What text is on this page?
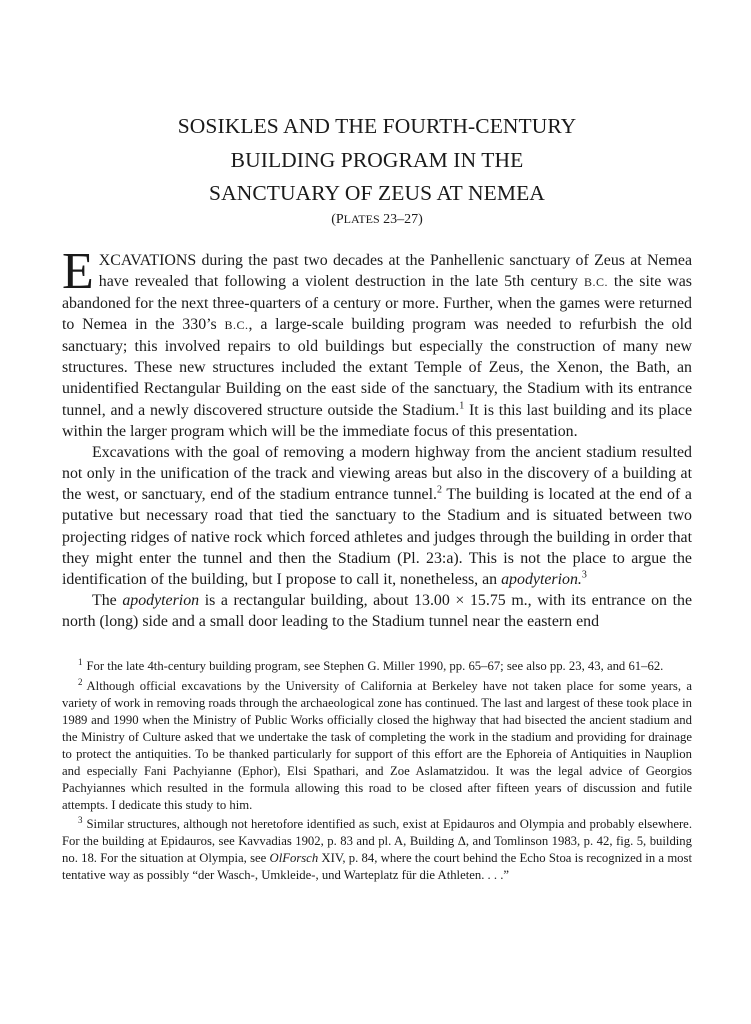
SOSIKLES AND THE FOURTH-CENTURY
BUILDING PROGRAM IN THE
SANCTUARY OF ZEUS AT NEMEA
(PLATES 23–27)

EXCAVATIONS during the past two decades at the Panhellenic sanctuary of Zeus at Nemea have revealed that following a violent destruction in the late 5th century B.C. the site was abandoned for the next three-quarters of a century or more. Further, when the games were returned to Nemea in the 330’s B.C., a large-scale building program was needed to refurbish the old sanctuary; this involved repairs to old buildings but especially the construction of many new structures. These new structures included the extant Temple of Zeus, the Xenon, the Bath, an unidentified Rectangular Building on the east side of the sanctuary, the Stadium with its entrance tunnel, and a newly discovered structure outside the Stadium.$^1$ It is this last building and its place within the larger program which will be the immediate focus of this presentation.

Excavations with the goal of removing a modern highway from the ancient stadium resulted not only in the unification of the track and viewing areas but also in the discovery of a building at the west, or sanctuary, end of the stadium entrance tunnel.$^2$ The building is located at the end of a putative but necessary road that tied the sanctuary to the Stadium and is situated between two projecting ridges of native rock which forced athletes and judges through the building in order that they might enter the tunnel and then the Stadium (Pl. 23:a). This is not the place to argue the identification of the building, but I propose to call it, nonetheless, an apodyterion.$^3$

The apodyterion is a rectangular building, about 13.00 × 15.75 m., with its entrance on the north (long) side and a small door leading to the Stadium tunnel near the eastern end

$^1$ For the late 4th-century building program, see Stephen G. Miller 1990, pp. 65–67; see also pp. 23, 43, and 61–62.

$^2$ Although official excavations by the University of California at Berkeley have not taken place for some years, a variety of work in removing roads through the archaeological zone has continued. The last and largest of these took place in 1989 and 1990 when the Ministry of Public Works officially closed the highway that had bisected the ancient stadium and the Ministry of Culture asked that we undertake the task of completing the work in the stadium and providing for drainage to protect the antiquities. To be thanked particularly for support of this effort are the Ephoreia of Antiquities in Nauplion and especially Fani Pachyianne (Ephor), Elsi Spathari, and Zoe Aslamatzidou. It was the legal advice of Georgios Pachyiannes which resulted in the formula allowing this road to be closed after fifteen years of discussion and futile attempts. I dedicate this study to him.

$^3$ Similar structures, although not heretofore identified as such, exist at Epidauros and Olympia and probably elsewhere. For the building at Epidauros, see Kavvadias 1902, p. 83 and pl. A, Building Δ, and Tomlinson 1983, p. 42, fig. 5, building no. 18. For the situation at Olympia, see OlForsch XIV, p. 84, where the court behind the Echo Stoa is recognized in a most tentative way as possibly “der Wasch-, Umkleide-, und Warteplatz für die Athleten. . . .”
